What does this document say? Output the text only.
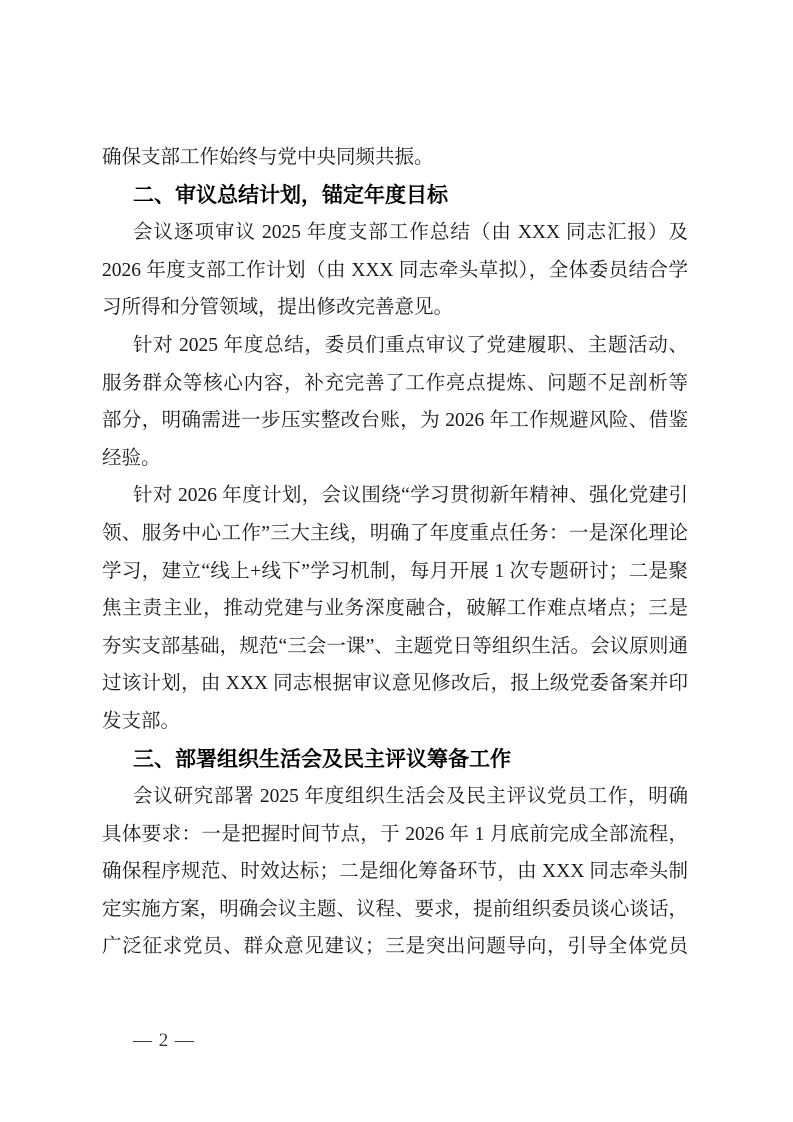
确保支部工作始终与党中央同频共振。
二、审议总结计划，锚定年度目标
会议逐项审议 2025 年度支部工作总结（由 XXX 同志汇报）及
2026 年度支部工作计划（由 XXX 同志牵头草拟），全体委员结合学
习所得和分管领域，提出修改完善意见。
针对 2025 年度总结，委员们重点审议了党建履职、主题活动、
服务群众等核心内容，补充完善了工作亮点提炼、问题不足剖析等
部分，明确需进一步压实整改台账，为 2026 年工作规避风险、借鉴
经验。
针对 2026 年度计划，会议围绕“学习贯彻新年精神、强化党建引
领、服务中心工作”三大主线，明确了年度重点任务：一是深化理论
学习，建立“线上+线下”学习机制，每月开展 1 次专题研讨；二是聚
焦主责主业，推动党建与业务深度融合，破解工作难点堵点；三是
夯实支部基础，规范“三会一课”、主题党日等组织生活。会议原则通
过该计划，由 XXX 同志根据审议意见修改后，报上级党委备案并印
发支部。
三、部署组织生活会及民主评议筹备工作
会议研究部署 2025 年度组织生活会及民主评议党员工作，明确
具体要求：一是把握时间节点，于 2026 年 1 月底前完成全部流程，
确保程序规范、时效达标；二是细化筹备环节，由 XXX 同志牵头制
定实施方案，明确会议主题、议程、要求，提前组织委员谈心谈话，
广泛征求党员、群众意见建议；三是突出问题导向，引导全体党员
— 2 —
